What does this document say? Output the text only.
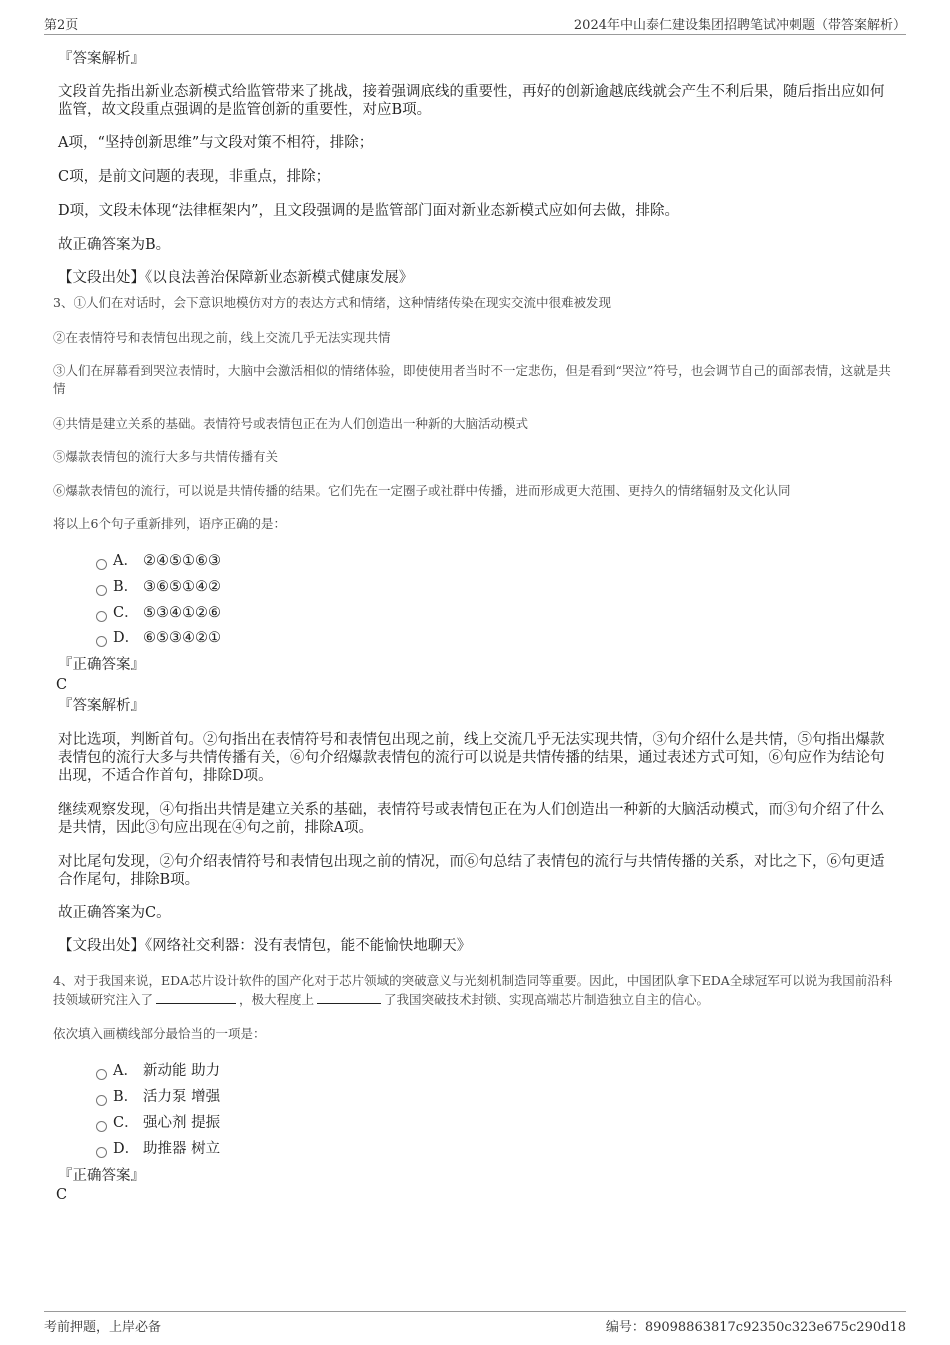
第2页	2024年中山泰仁建设集团招聘笔试冲刺题（带答案解析）

『答案解析』

文段首先指出新业态新模式给监管带来了挑战，接着强调底线的重要性，再好的创新逾越底线就会产生不利后果，随后指出应如何监管，故文段重点强调的是监管创新的重要性，对应B项。

A项，“坚持创新思维”与文段对策不相符，排除；

C项，是前文问题的表现，非重点，排除；

D项，文段未体现“法律框架内”，且文段强调的是监管部门面对新业态新模式应如何去做，排除。

故正确答案为B。

【文段出处】《以良法善治保障新业态新模式健康发展》

3、①人们在对话时，会下意识地模仿对方的表达方式和情绪，这种情绪传染在现实交流中很难被发现

②在表情符号和表情包出现之前，线上交流几乎无法实现共情

③人们在屏幕看到哭泣表情时，大脑中会激活相似的情绪体验，即使使用者当时不一定悲伤，但是看到“哭泣”符号，也会调节自己的面部表情，这就是共情

④共情是建立关系的基础。表情符号或表情包正在为人们创造出一种新的大脑活动模式

⑤爆款表情包的流行大多与共情传播有关

⑥爆款表情包的流行，可以说是共情传播的结果。它们先在一定圈子或社群中传播，进而形成更大范围、更持久的情绪辐射及文化认同

将以上6个句子重新排列，语序正确的是：

A． ②④⑤①⑥③
B． ③⑥⑤①④②
C． ⑤③④①②⑥
D． ⑥⑤③④②①

『正确答案』

C

『答案解析』

对比选项，判断首句。②句指出在表情符号和表情包出现之前，线上交流几乎无法实现共情，③句介绍什么是共情，⑤句指出爆款表情包的流行大多与共情传播有关，⑥句介绍爆款表情包的流行可以说是共情传播的结果，通过表述方式可知，⑥句应作为结论句出现，不适合作首句，排除D项。

继续观察发现，④句指出共情是建立关系的基础，表情符号或表情包正在为人们创造出一种新的大脑活动模式，而③句介绍了什么是共情，因此③句应出现在④句之前，排除A项。

对比尾句发现，②句介绍表情符号和表情包出现之前的情况，而⑥句总结了表情包的流行与共情传播的关系，对比之下，⑥句更适合作尾句，排除B项。

故正确答案为C。

【文段出处】《网络社交利器：没有表情包，能不能愉快地聊天》

4、对于我国来说，EDA芯片设计软件的国产化对于芯片领域的突破意义与光刻机制造同等重要。因此，中国团队拿下EDA全球冠军可以说为我国前沿科技领域研究注入了	，极大程度上	了我国突破技术封锁、实现高端芯片制造独立自主的信心。

依次填入画横线部分最恰当的一项是：

A． 新动能 助力
B． 活力泵 增强
C． 强心剂 提振
D． 助推器 树立

『正确答案』

C

考前押题，上岸必备	编号：89098863817c92350c323e675c290d18
